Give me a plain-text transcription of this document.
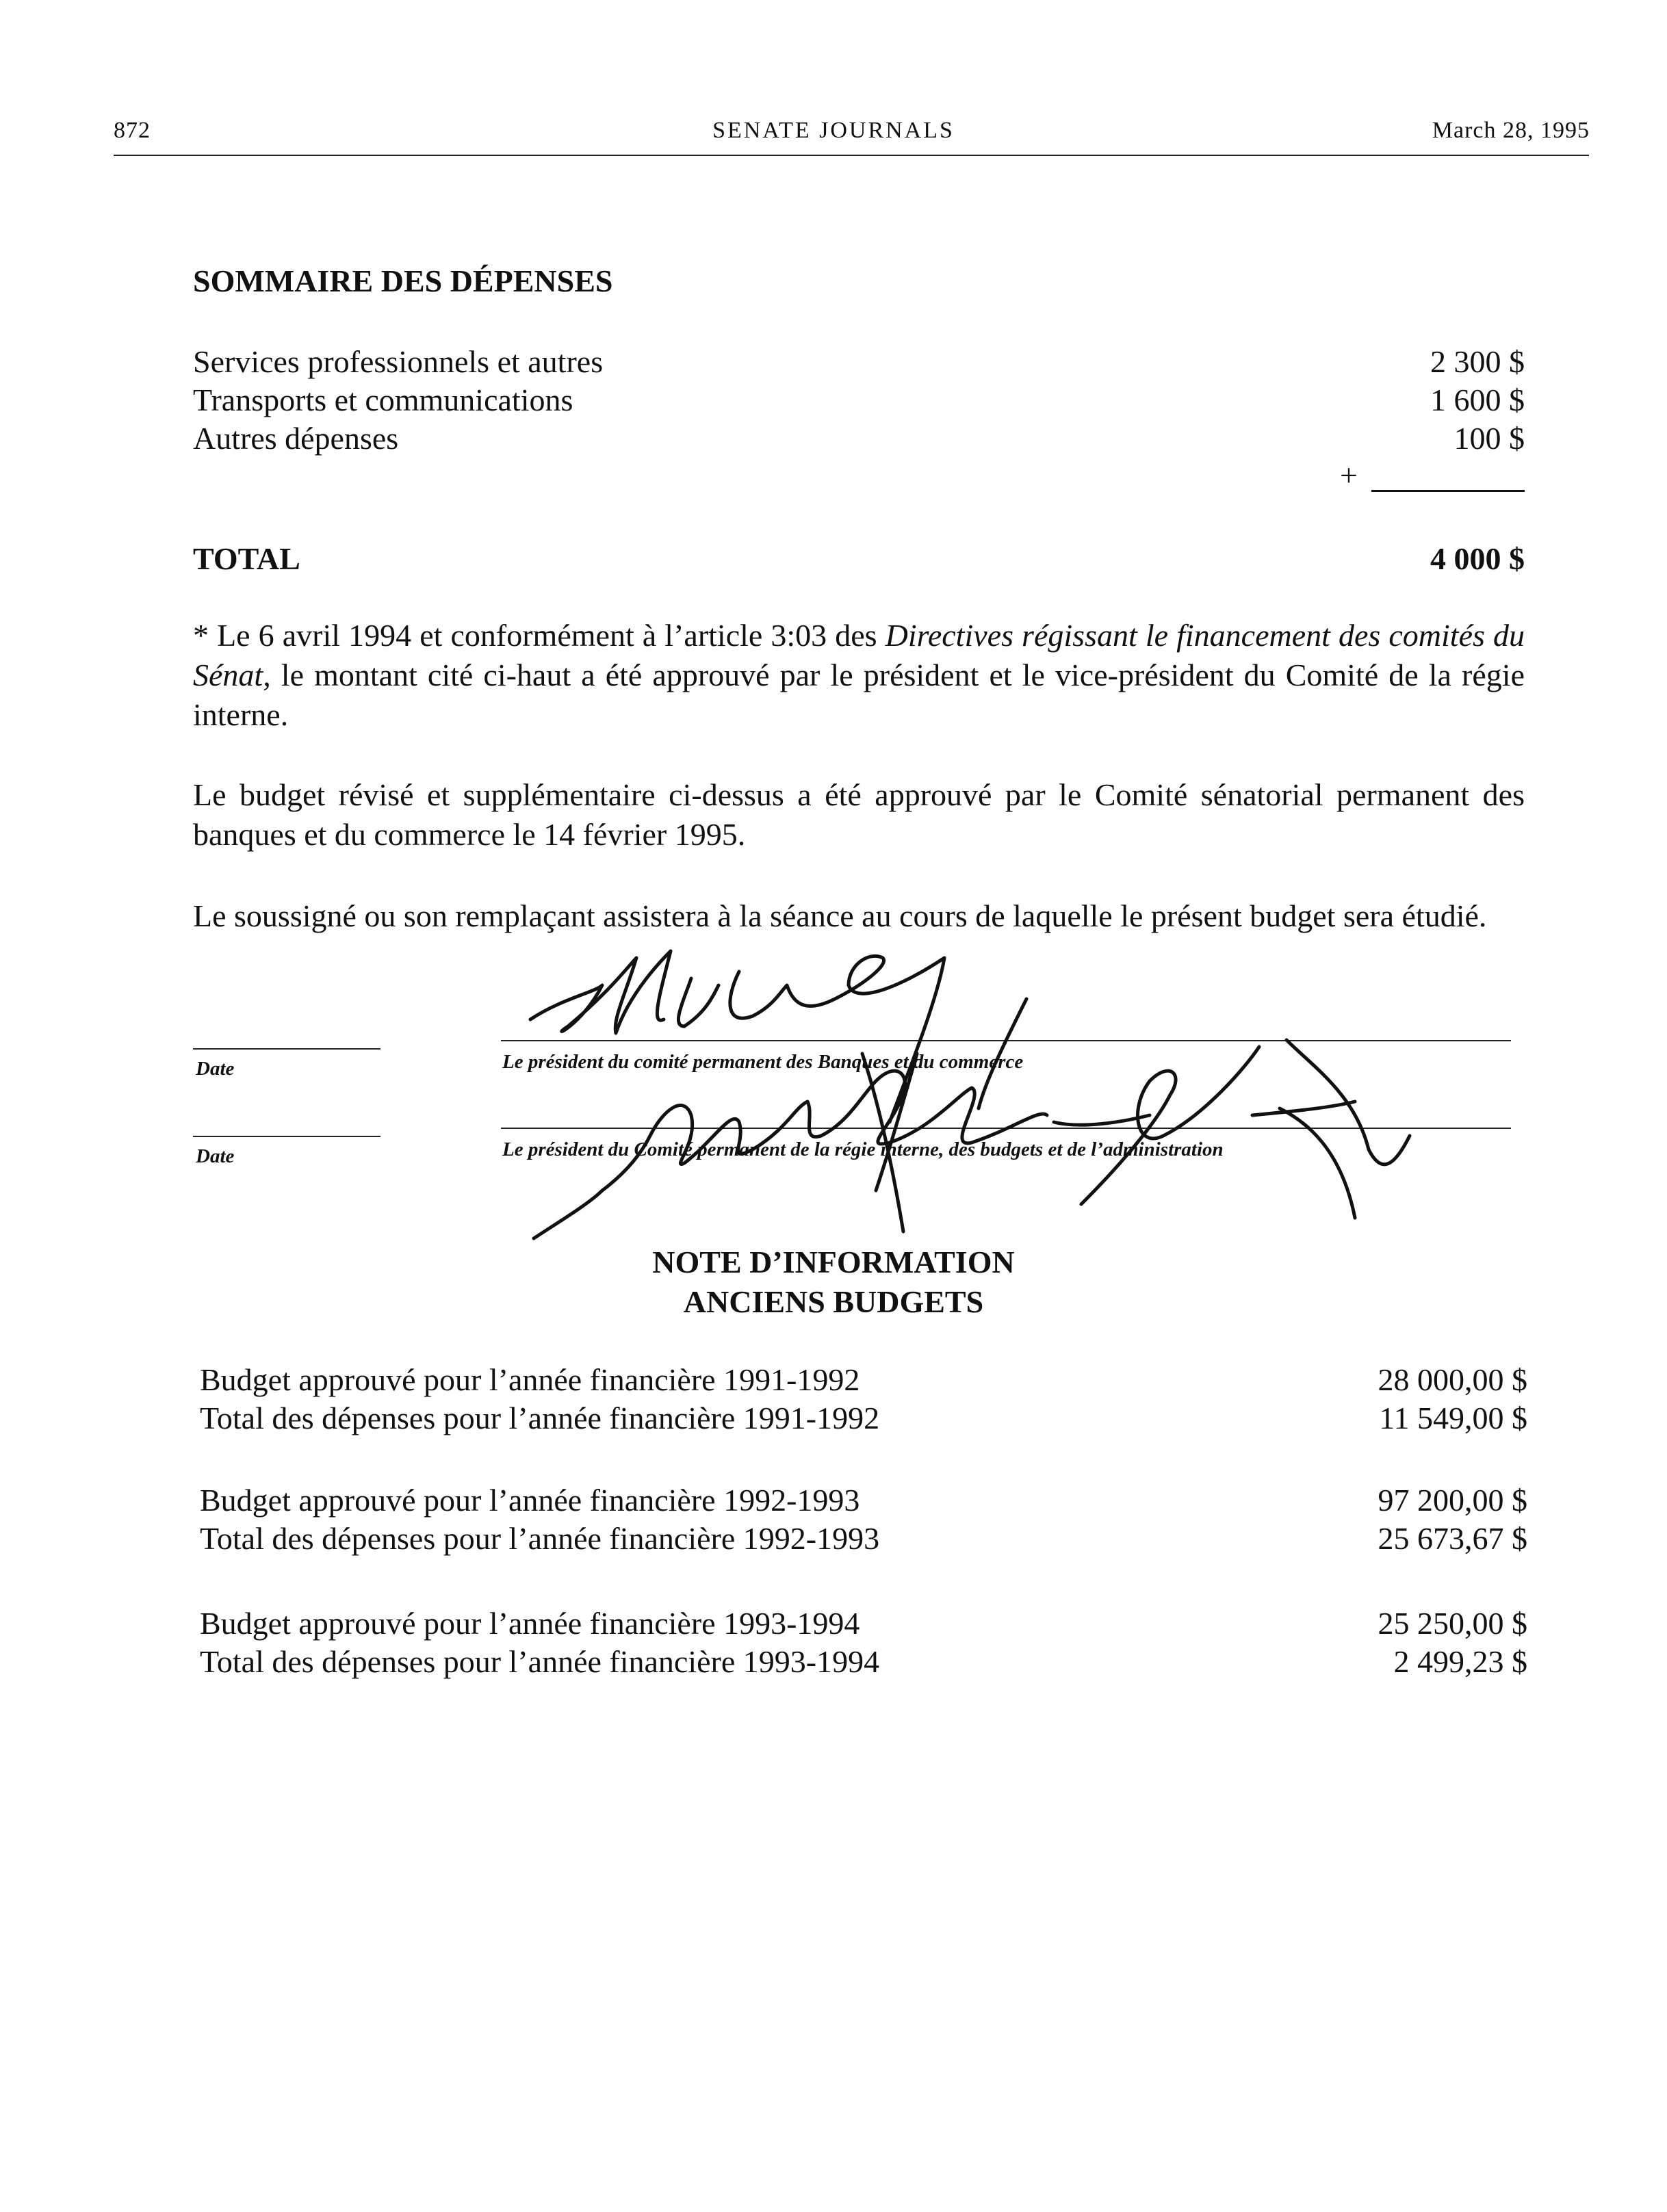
SENATE JOURNALS
872	March 28, 1995
SOMMAIRE DES DÉPENSES
Services professionnels et autres	2 300 $
Transports et communications	1 600 $
Autres dépenses	100 $
+
TOTAL	4 000 $
* Le 6 avril 1994 et conformément à l’article 3:03 des Directives régissant le financement des comités du Sénat, le montant cité ci-haut a été approuvé par le président et le vice-président du Comité de la régie interne.
Le budget révisé et supplémentaire ci-dessus a été approuvé par le Comité sénatorial permanent des banques et du commerce le 14 février 1995.
Le soussigné ou son remplaçant assistera à la séance au cours de laquelle le présent budget sera étudié.
Date	Le président du comité permanent des Banques et du commerce
Date	Le président du Comité permanent de la régie interne, des budgets et de l’administration
NOTE D’INFORMATION
ANCIENS BUDGETS
Budget approuvé pour l’année financière 1991-1992	28 000,00 $
Total des dépenses pour l’année financière 1991-1992	11 549,00 $
Budget approuvé pour l’année financière 1992-1993	97 200,00 $
Total des dépenses pour l’année financière 1992-1993	25 673,67 $
Budget approuvé pour l’année financière 1993-1994	25 250,00 $
Total des dépenses pour l’année financière 1993-1994	2 499,23 $
